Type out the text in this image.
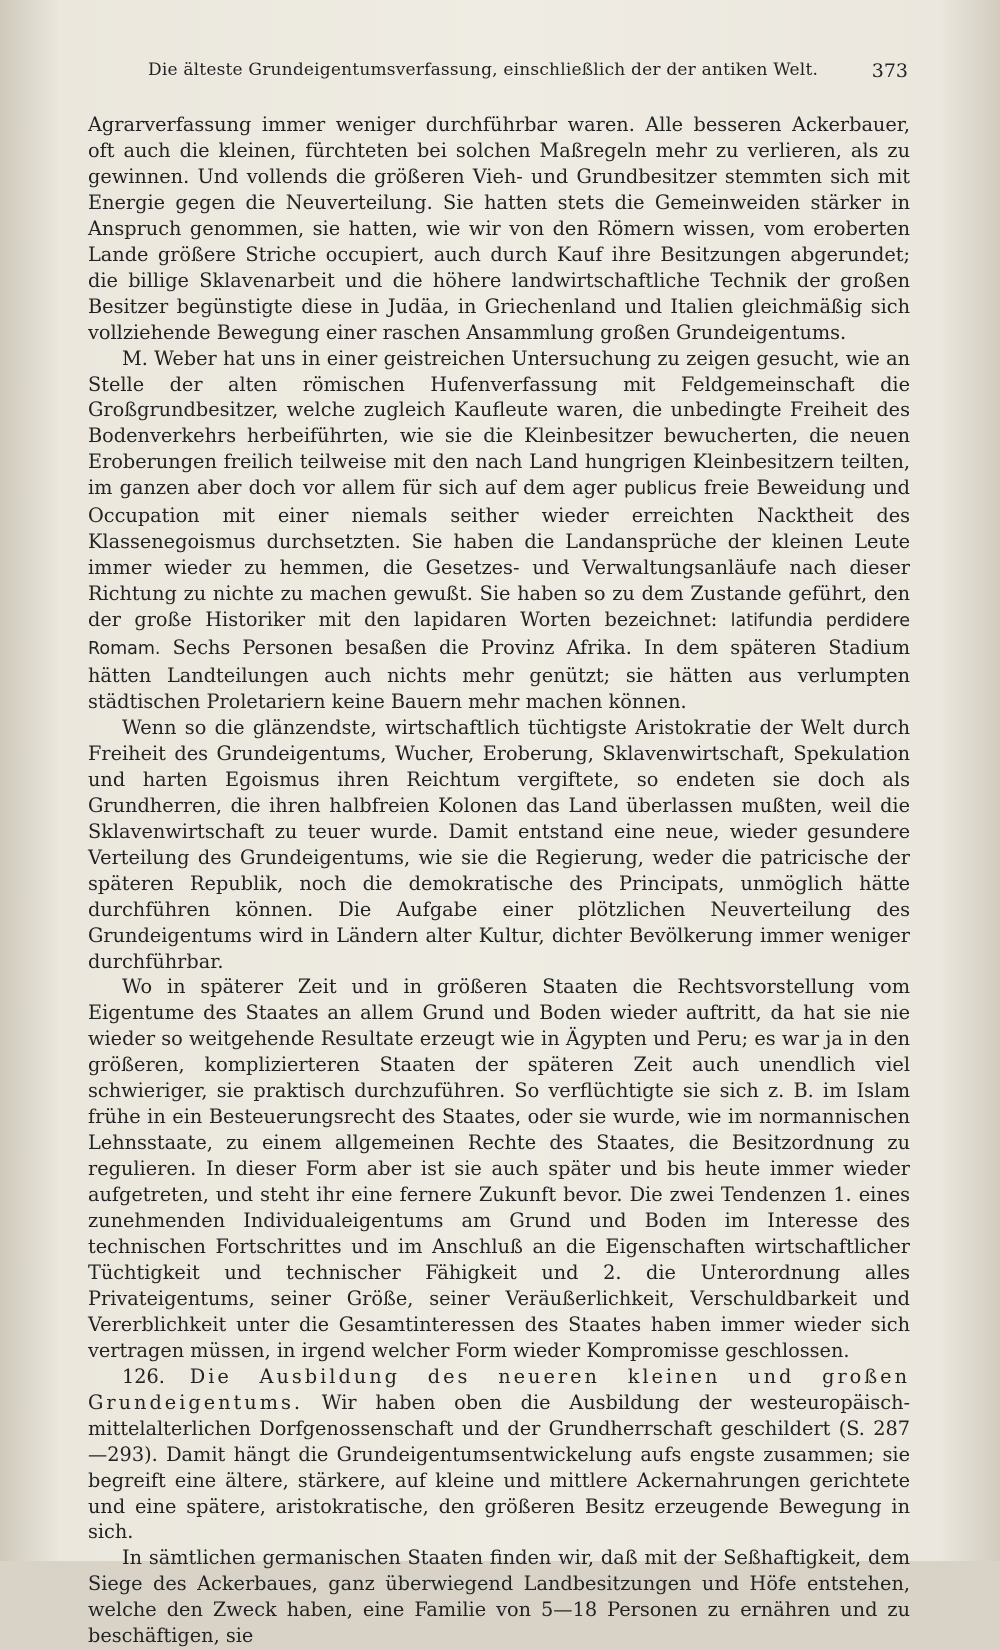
Die älteste Grundeigentumsverfassung, einschließlich der der antiken Welt.	373

Agrarverfassung immer weniger durchführbar waren. Alle besseren Ackerbauer, oft auch die kleinen, fürchteten bei solchen Maßregeln mehr zu verlieren, als zu gewinnen. Und vollends die größeren Vieh- und Grundbesitzer stemmten sich mit Energie gegen die Neuverteilung. Sie hatten stets die Gemeinweiden stärker in Anspruch genommen, sie hatten, wie wir von den Römern wissen, vom eroberten Lande größere Striche occupiert, auch durch Kauf ihre Besitzungen abgerundet; die billige Sklavenarbeit und die höhere landwirtschaftliche Technik der großen Besitzer begünstigte diese in Judäa, in Griechenland und Italien gleichmäßig sich vollziehende Bewegung einer raschen Ansammlung großen Grundeigentums.

M. Weber hat uns in einer geistreichen Untersuchung zu zeigen gesucht, wie an Stelle der alten römischen Hufenverfassung mit Feldgemeinschaft die Großgrundbesitzer, welche zugleich Kaufleute waren, die unbedingte Freiheit des Bodenverkehrs herbeiführten, wie sie die Kleinbesitzer bewucherten, die neuen Eroberungen freilich teilweise mit den nach Land hungrigen Kleinbesitzern teilten, im ganzen aber doch vor allem für sich auf dem ager publicus freie Beweidung und Occupation mit einer niemals seither wieder erreichten Nacktheit des Klassenegoismus durchsetzten. Sie haben die Landansprüche der kleinen Leute immer wieder zu hemmen, die Gesetzes- und Verwaltungsanläufe nach dieser Richtung zu nichte zu machen gewußt. Sie haben so zu dem Zustande geführt, den der große Historiker mit den lapidaren Worten bezeichnet: latifundia perdidere Romam. Sechs Personen besaßen die Provinz Afrika. In dem späteren Stadium hätten Landteilungen auch nichts mehr genützt; sie hätten aus verlumpten städtischen Proletariern keine Bauern mehr machen können.

Wenn so die glänzendste, wirtschaftlich tüchtigste Aristokratie der Welt durch Freiheit des Grundeigentums, Wucher, Eroberung, Sklavenwirtschaft, Spekulation und harten Egoismus ihren Reichtum vergiftete, so endeten sie doch als Grundherren, die ihren halbfreien Kolonen das Land überlassen mußten, weil die Sklavenwirtschaft zu teuer wurde. Damit entstand eine neue, wieder gesundere Verteilung des Grundeigentums, wie sie die Regierung, weder die patricische der späteren Republik, noch die demokratische des Principats, unmöglich hätte durchführen können. Die Aufgabe einer plötzlichen Neuverteilung des Grundeigentums wird in Ländern alter Kultur, dichter Bevölkerung immer weniger durchführbar.

Wo in späterer Zeit und in größeren Staaten die Rechtsvorstellung vom Eigentume des Staates an allem Grund und Boden wieder auftritt, da hat sie nie wieder so weitgehende Resultate erzeugt wie in Ägypten und Peru; es war ja in den größeren, komplizierteren Staaten der späteren Zeit auch unendlich viel schwieriger, sie praktisch durchzuführen. So verflüchtigte sie sich z. B. im Islam frühe in ein Besteuerungsrecht des Staates, oder sie wurde, wie im normannischen Lehnsstaate, zu einem allgemeinen Rechte des Staates, die Besitzordnung zu regulieren. In dieser Form aber ist sie auch später und bis heute immer wieder aufgetreten, und steht ihr eine fernere Zukunft bevor. Die zwei Tendenzen 1. eines zunehmenden Individualeigentums am Grund und Boden im Interesse des technischen Fortschrittes und im Anschluß an die Eigenschaften wirtschaftlicher Tüchtigkeit und technischer Fähigkeit und 2. die Unterordnung alles Privateigentums, seiner Größe, seiner Veräußerlichkeit, Verschuldbarkeit und Vererblichkeit unter die Gesamtinteressen des Staates haben immer wieder sich vertragen müssen, in irgend welcher Form wieder Kompromisse geschlossen.

126. Die Ausbildung des neueren kleinen und großen Grundeigentums. Wir haben oben die Ausbildung der westeuropäisch-mittelalterlichen Dorfgenossenschaft und der Grundherrschaft geschildert (S. 287—293). Damit hängt die Grundeigentumsentwickelung aufs engste zusammen; sie begreift eine ältere, stärkere, auf kleine und mittlere Ackernahrungen gerichtete und eine spätere, aristokratische, den größeren Besitz erzeugende Bewegung in sich.

In sämtlichen germanischen Staaten finden wir, daß mit der Seßhaftigkeit, dem Siege des Ackerbaues, ganz überwiegend Landbesitzungen und Höfe entstehen, welche den Zweck haben, eine Familie von 5—18 Personen zu ernähren und zu beschäftigen, sie
